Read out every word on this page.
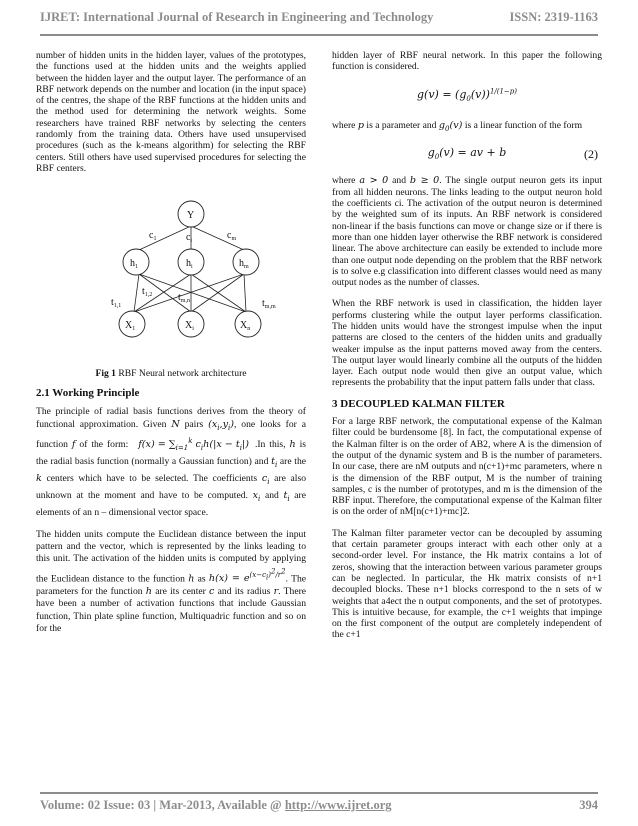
IJRET: International Journal of Research in Engineering and Technology	ISSN: 2319-1163

number of hidden units in the hidden layer, values of the prototypes, the functions used at the hidden units and the weights applied between the hidden layer and the output layer. The performance of an RBF network depends on the number and location (in the input space) of the centres, the shape of the RBF functions at the hidden units and the method used for determining the network weights. Some researchers have trained RBF networks by selecting the centers randomly from the training data. Others have used unsupervised procedures (such as the k-means algorithm) for selecting the RBF centers. Still others have used supervised procedures for selecting the RBF centers.

Y
$c_1$	$c_i$	$c_m$
$h_1$	$h_i$	$h_m$
$t_{1,2}$
$t_{1,1}$
$t_{m,n}$	$t_{m,m}$
$X_1$	$X_i$	$X_n$
Fig 1 RBF Neural network architecture
2.1 Working Principle

The principle of radial basis functions derives from the theory of functional approximation. Given N pairs $(x_i,y_i)$, one looks for a function f of the form: $f(x) = \sum_{i=1}^k$ $c_ih(|x - t_i|)$ .In this, h is the radial basis function (normally a Gaussian function) and $t_i$ are the k centers which have to be selected. The coefficients $c_i$ are also unknown at the moment and have to be computed. $x_i$ and $t_i$ are elements of an n – dimensional vector space.

The hidden units compute the Euclidean distance between the input pattern and the vector, which is represented by the links leading to this unit. The activation of the hidden units is computed by applying the Euclidean distance to the function h as $h(x) = e^{(x-c_i)^2/r^2}$. The parameters for the function h are its center c and its radius r. There have been a number of activation functions that include Gaussian function, Thin plate spline function, Multiquadric function and so on for the

hidden layer of RBF neural network. In this paper the following function is considered.

$g(v) = (g_0(v))^{1/(1-p)}$

where p is a parameter and $g_0(v)$ is a linear function of the form

$g_0(v)$ = av + b	(2)

where a > 0 and b ≥ 0. The single output neuron gets its input from all hidden neurons. The links leading to the output neuron hold the coefficients ci. The activation of the output neuron is determined by the weighted sum of its inputs. An RBF network is considered non-linear if the basis functions can move or change size or if there is more than one hidden layer otherwise the RBF network is considered linear. The above architecture can easily be extended to include more than one output node depending on the problem that the RBF network is to solve e.g classification into different classes would need as many output nodes as the number of classes.

When the RBF network is used in classification, the hidden layer performs clustering while the output layer performs classification. The hidden units would have the strongest impulse when the input patterns are closed to the centers of the hidden units and gradually weaker impulse as the input patterns moved away from the centers. The output layer would linearly combine all the outputs of the hidden layer. Each output node would then give an output value, which represents the probability that the input pattern falls under that class.

3 DECOUPLED KALMAN FILTER

For a large RBF network, the computational expense of the Kalman filter could be burdensome [8]. In fact, the computational expense of the Kalman filter is on the order of AB2, where A is the dimension of the output of the dynamic system and B is the number of parameters. In our case, there are nM outputs and n(c+1)+mc parameters, where n is the dimension of the RBF output, M is the number of training samples, c is the number of prototypes, and m is the dimension of the RBF input. Therefore, the computational expense of the Kalman filter is on the order of nM[n(c+1)+mc]2.

The Kalman filter parameter vector can be decoupled by assuming that certain parameter groups interact with each other only at a second-order level. For instance, the Hk matrix contains a lot of zeros, showing that the interaction between various parameter groups can be neglected. In particular, the Hk matrix consists of n+1 decoupled blocks. These n+1 blocks correspond to the n sets of w weights that a4ect the n output components, and the set of prototypes. This is intuitive because, for example, the c+1 weights that impinge on the first component of the output are completely independent of the c+1

Volume: 02 Issue: 03 | Mar-2013, Available @ http://www.ijret.org	394
